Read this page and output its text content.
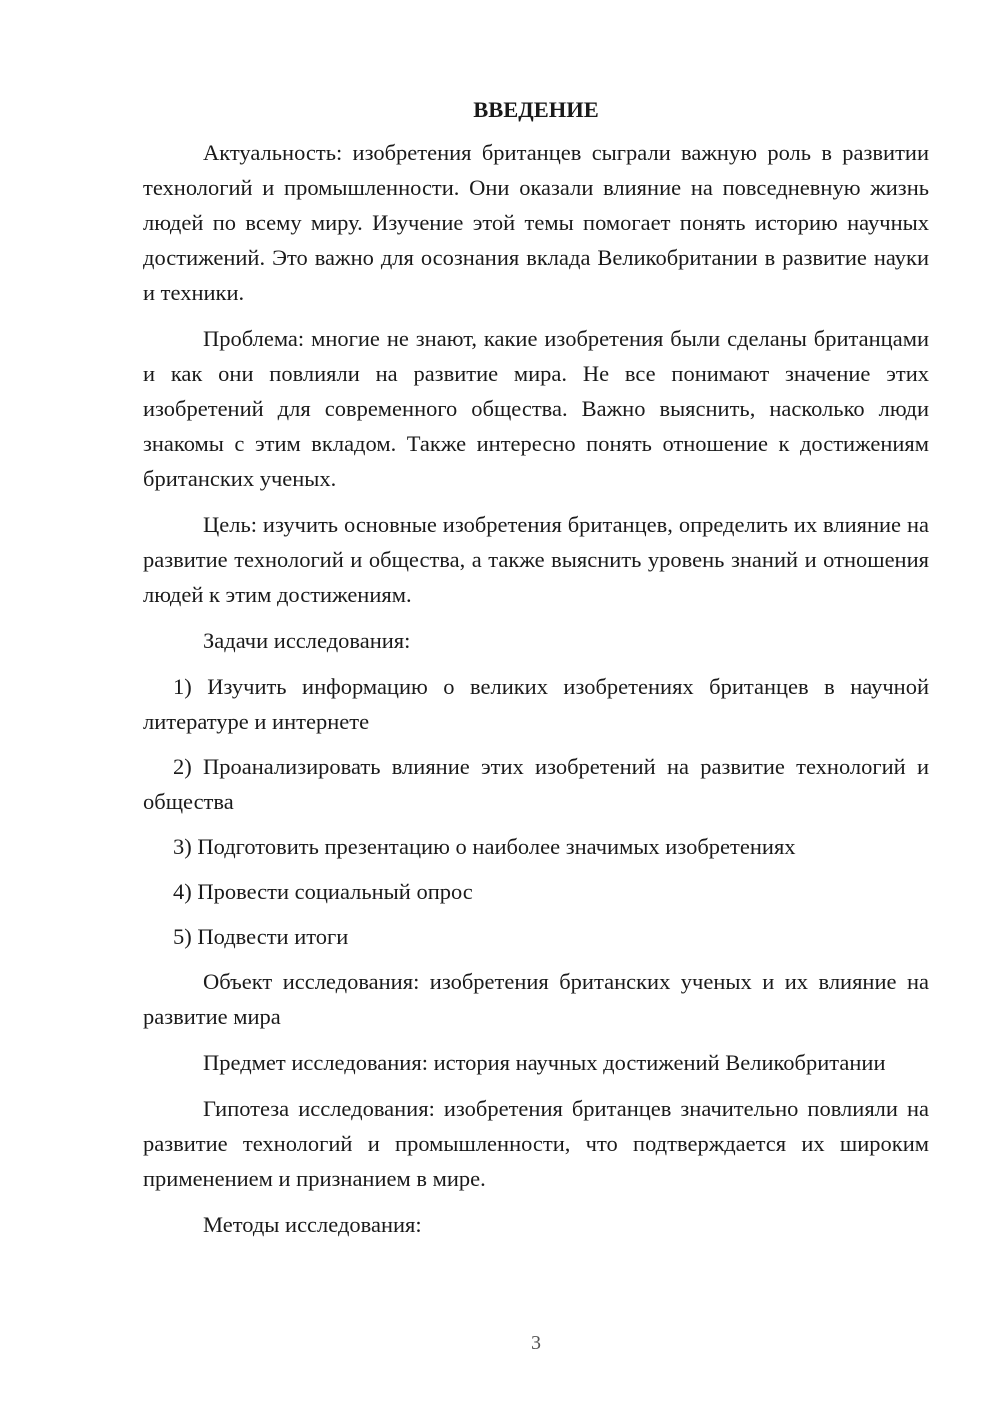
ВВЕДЕНИЕ

Актуальность: изобретения британцев сыграли важную роль в развитии технологий и промышленности. Они оказали влияние на повседневную жизнь людей по всему миру. Изучение этой темы помогает понять историю научных достижений. Это важно для осознания вклада Великобритании в развитие науки и техники.

Проблема: многие не знают, какие изобретения были сделаны британцами и как они повлияли на развитие мира. Не все понимают значение этих изобретений для современного общества. Важно выяснить, насколько люди знакомы с этим вкладом. Также интересно понять отношение к достижениям британских ученых.

Цель: изучить основные изобретения британцев, определить их влияние на развитие технологий и общества, а также выяснить уровень знаний и отношения людей к этим достижениям.

Задачи исследования:

1) Изучить информацию о великих изобретениях британцев в научной литературе и интернете

2) Проанализировать влияние этих изобретений на развитие технологий и общества

3) Подготовить презентацию о наиболее значимых изобретениях

4) Провести социальный опрос

5) Подвести итоги

Объект исследования: изобретения британских ученых и их влияние на развитие мира

Предмет исследования: история научных достижений Великобритании

Гипотеза исследования: изобретения британцев значительно повлияли на развитие технологий и промышленности, что подтверждается их широким применением и признанием в мире.

Методы исследования:

3
